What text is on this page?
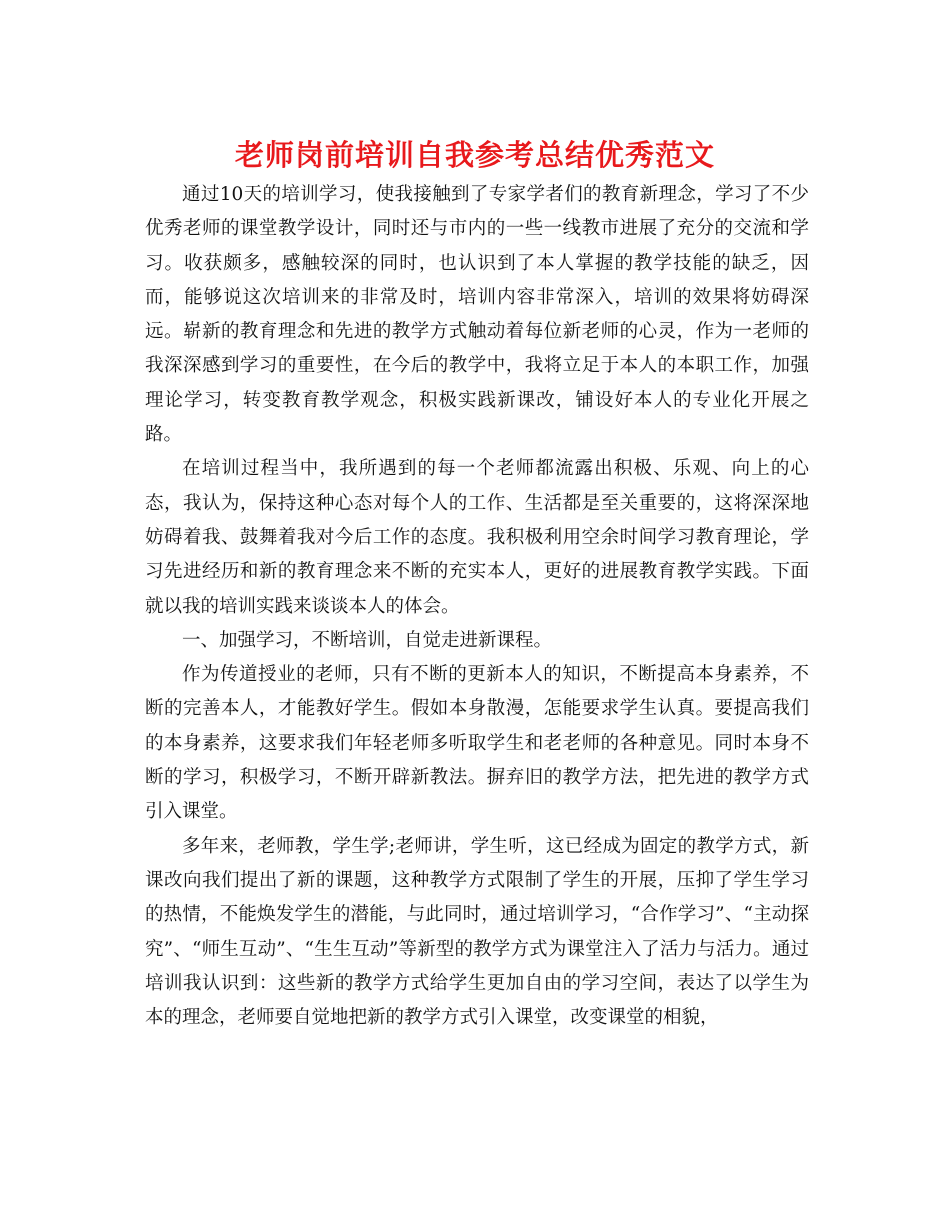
老师岗前培训自我参考总结优秀范文

通过10天的培训学习，使我接触到了专家学者们的教育新理念，学习了不少优秀老师的课堂教学设计，同时还与市内的一些一线教市进展了充分的交流和学习。收获颇多，感触较深的同时，也认识到了本人掌握的教学技能的缺乏，因而，能够说这次培训来的非常及时，培训内容非常深入，培训的效果将妨碍深远。崭新的教育理念和先进的教学方式触动着每位新老师的心灵，作为一老师的我深深感到学习的重要性，在今后的教学中，我将立足于本人的本职工作，加强理论学习，转变教育教学观念，积极实践新课改，铺设好本人的专业化开展之路。

在培训过程当中，我所遇到的每一个老师都流露出积极、乐观、向上的心态，我认为，保持这种心态对每个人的工作、生活都是至关重要的，这将深深地妨碍着我、鼓舞着我对今后工作的态度。我积极利用空余时间学习教育理论，学习先进经历和新的教育理念来不断的充实本人，更好的进展教育教学实践。下面就以我的培训实践来谈谈本人的体会。

一、加强学习，不断培训，自觉走进新课程。

作为传道授业的老师，只有不断的更新本人的知识，不断提高本身素养，不断的完善本人，才能教好学生。假如本身散漫，怎能要求学生认真。要提高我们的本身素养，这要求我们年轻老师多听取学生和老老师的各种意见。同时本身不断的学习，积极学习，不断开辟新教法。摒弃旧的教学方法，把先进的教学方式引入课堂。

多年来，老师教，学生学;老师讲，学生听，这已经成为固定的教学方式，新课改向我们提出了新的课题，这种教学方式限制了学生的开展，压抑了学生学习的热情，不能焕发学生的潜能，与此同时，通过培训学习，“合作学习”、“主动探究”、“师生互动”、“生生互动”等新型的教学方式为课堂注入了活力与活力。通过培训我认识到：这些新的教学方式给学生更加自由的学习空间，表达了以学生为本的理念，老师要自觉地把新的教学方式引入课堂，改变课堂的相貌，
